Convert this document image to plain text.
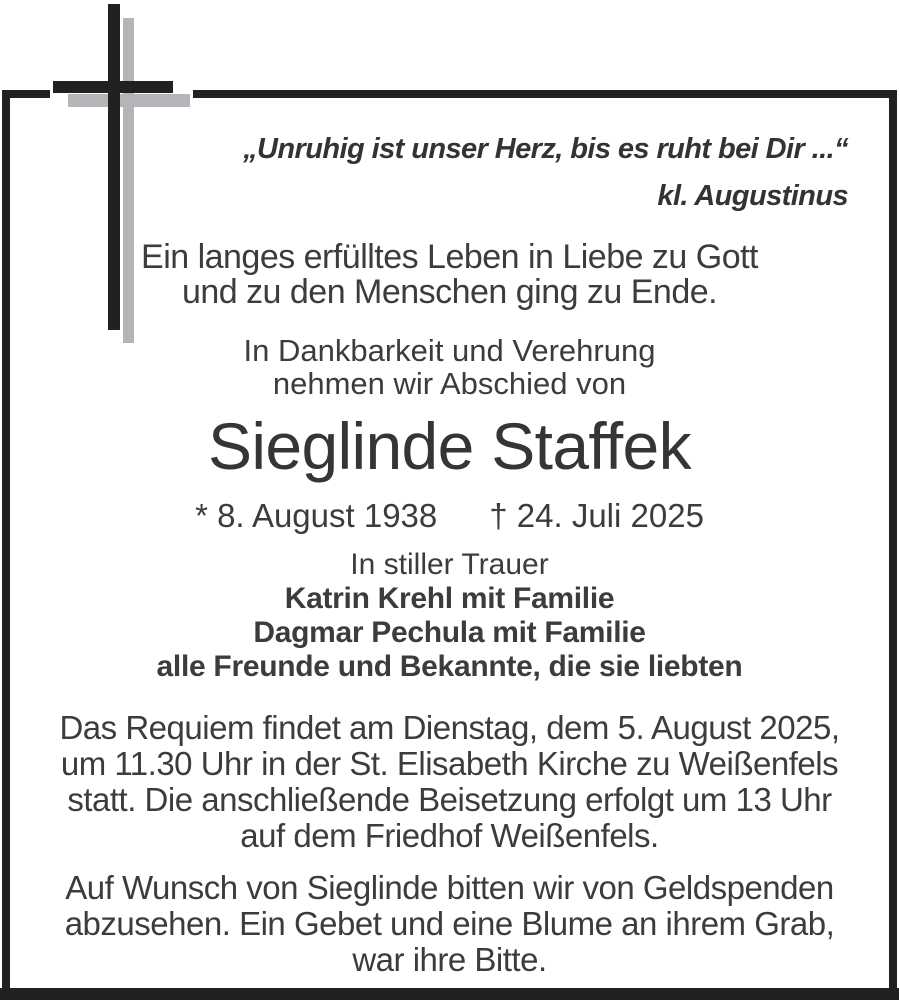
„Unruhig ist unser Herz, bis es ruht bei Dir ...“
kl. Augustinus
Ein langes erfülltes Leben in Liebe zu Gott
und zu den Menschen ging zu Ende.
In Dankbarkeit und Verehrung
nehmen wir Abschied von
Sieglinde Staffek
* 8. August 1938 † 24. Juli 2025
In stiller Trauer
Katrin Krehl mit Familie
Dagmar Pechula mit Familie
alle Freunde und Bekannte, die sie liebten
Das Requiem findet am Dienstag, dem 5. August 2025,
um 11.30 Uhr in der St. Elisabeth Kirche zu Weißenfels
statt. Die anschließende Beisetzung erfolgt um 13 Uhr
auf dem Friedhof Weißenfels.
Auf Wunsch von Sieglinde bitten wir von Geldspenden
abzusehen. Ein Gebet und eine Blume an ihrem Grab,
war ihre Bitte.
